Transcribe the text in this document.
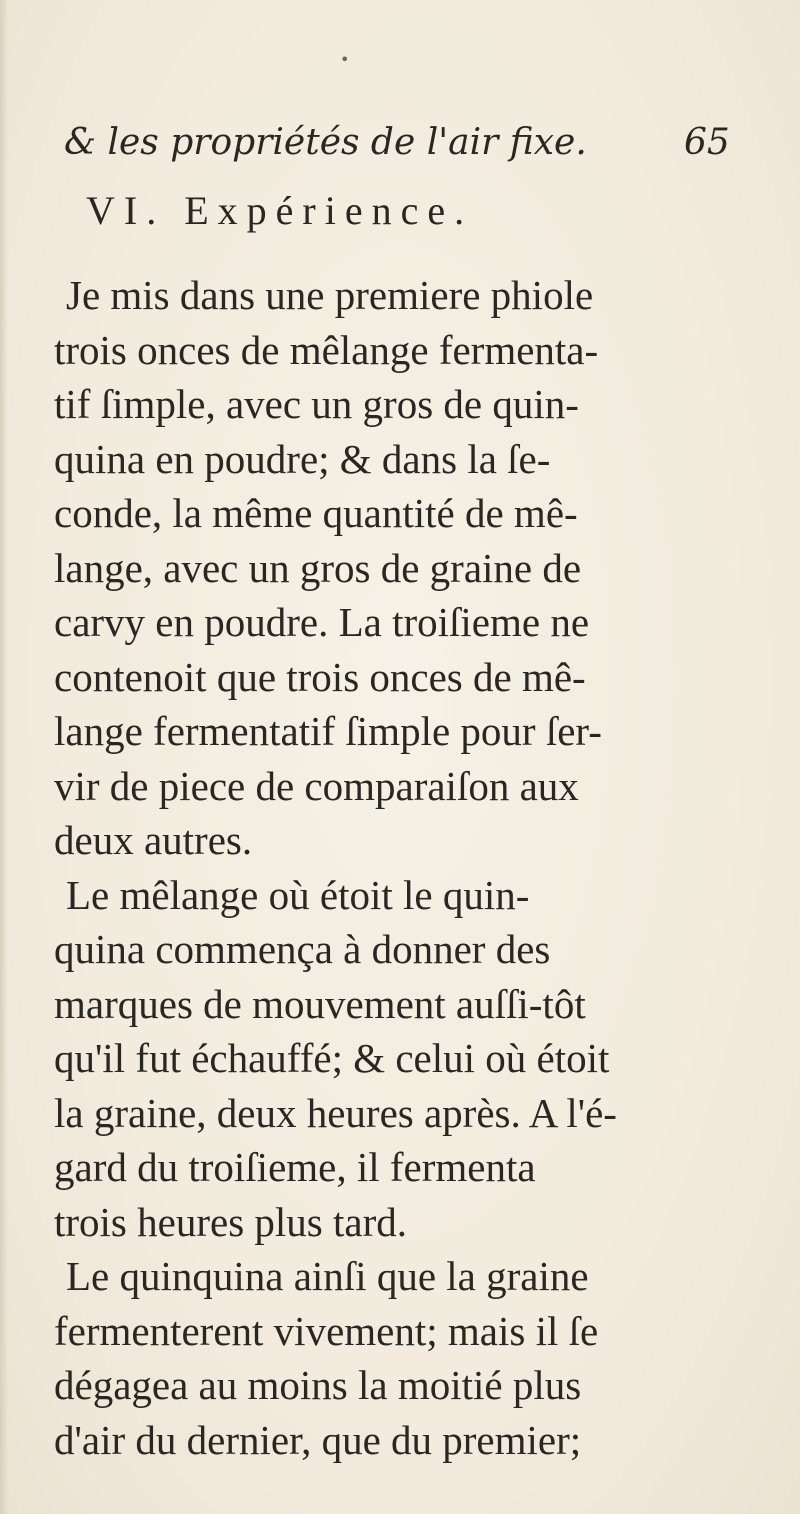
•
& les propriétés de l'air fixe.	65
VI. Expérience.
Je mis dans une premiere phiole
trois onces de mêlange fermenta-
tif ſimple, avec un gros de quin-
quina en poudre; & dans la ſe-
conde, la même quantité de mê-
lange, avec un gros de graine de
carvy en poudre. La troiſieme ne
contenoit que trois onces de mê-
lange fermentatif ſimple pour ſer-
vir de piece de comparaiſon aux
deux autres.
Le mêlange où étoit le quin-
quina commença à donner des
marques de mouvement auſſi-tôt
qu'il fut échauffé; & celui où étoit
la graine, deux heures après. A l'é-
gard du troiſieme, il fermenta
trois heures plus tard.
Le quinquina ainſi que la graine
fermenterent vivement; mais il ſe
dégagea au moins la moitié plus
d'air du dernier, que du premier;
